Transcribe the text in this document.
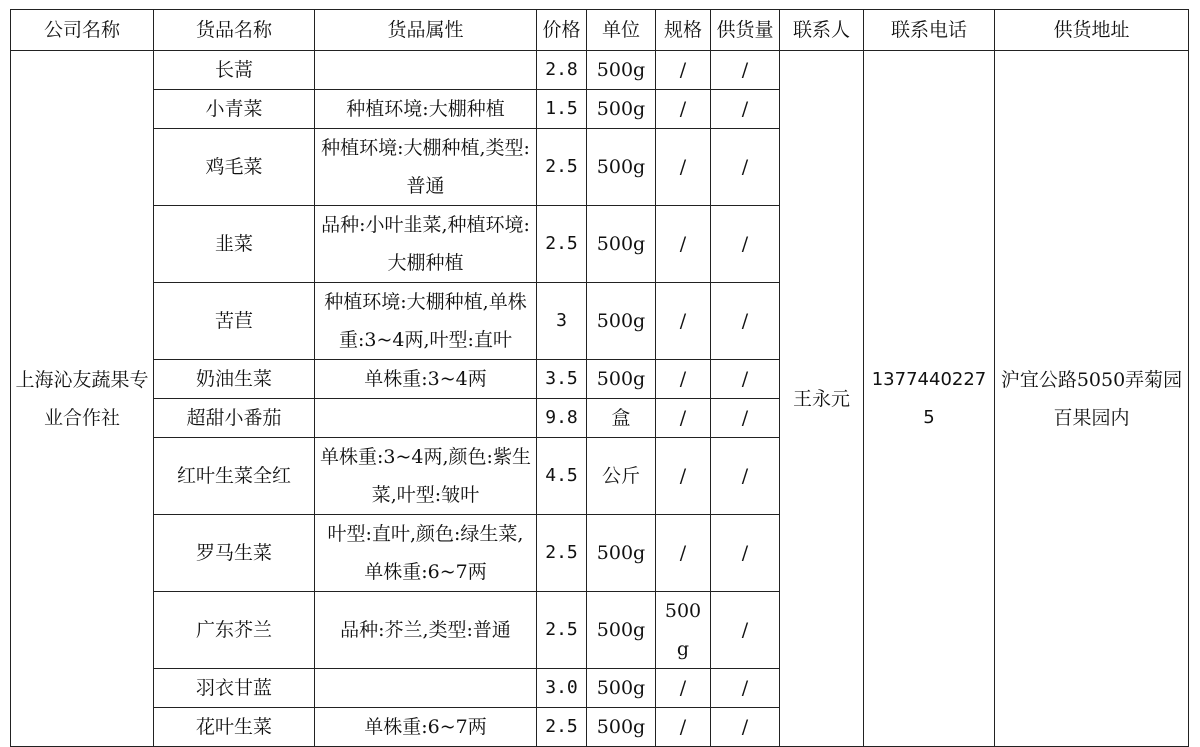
公司名称	货品名称	货品属性	价格	单位	规格	供货量	联系人	联系电话	供货地址
上海沁友蔬果专业合作社	长蒿		2.8	500g	/	/	王永元	13774402275	沪宜公路5050弄菊园百果园内
	小青菜	种植环境:大棚种植	1.5	500g	/	/			
	鸡毛菜	种植环境:大棚种植,类型:普通	2.5	500g	/	/			
	韭菜	品种:小叶韭菜,种植环境:大棚种植	2.5	500g	/	/			
	苦苣	种植环境:大棚种植,单株重:3~4两,叶型:直叶	3	500g	/	/			
	奶油生菜	单株重:3~4两	3.5	500g	/	/			
	超甜小番茄		9.8	盒	/	/			
	红叶生菜全红	单株重:3~4两,颜色:紫生菜,叶型:皱叶	4.5	公斤	/	/			
	罗马生菜	叶型:直叶,颜色:绿生菜,单株重:6~7两	2.5	500g	/	/			
	广东芥兰	品种:芥兰,类型:普通	2.5	500g	500g	/			
	羽衣甘蓝		3.0	500g	/	/			
	花叶生菜	单株重:6~7两	2.5	500g	/	/			
